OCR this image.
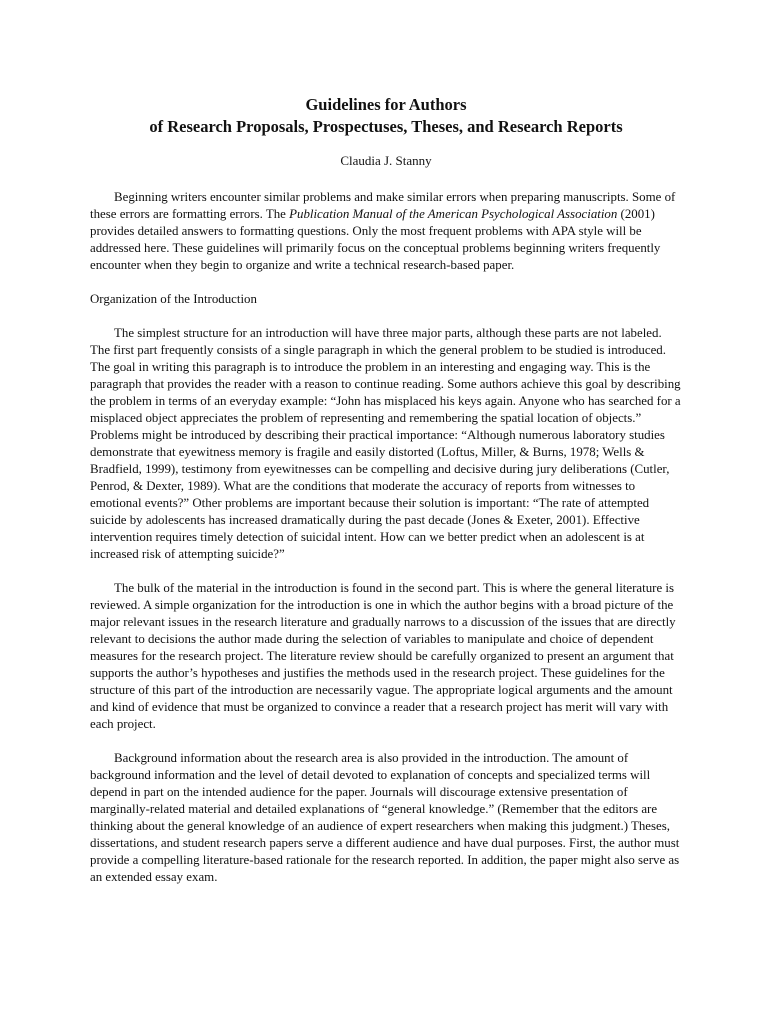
Guidelines for Authors
of Research Proposals, Prospectuses, Theses, and Research Reports

Claudia J. Stanny

Beginning writers encounter similar problems and make similar errors when preparing manuscripts. Some of these errors are formatting errors. The Publication Manual of the American Psychological Association (2001) provides detailed answers to formatting questions. Only the most frequent problems with APA style will be addressed here. These guidelines will primarily focus on the conceptual problems beginning writers frequently encounter when they begin to organize and write a technical research-based paper.

Organization of the Introduction

The simplest structure for an introduction will have three major parts, although these parts are not labeled. The first part frequently consists of a single paragraph in which the general problem to be studied is introduced. The goal in writing this paragraph is to introduce the problem in an interesting and engaging way. This is the paragraph that provides the reader with a reason to continue reading. Some authors achieve this goal by describing the problem in terms of an everyday example: “John has misplaced his keys again. Anyone who has searched for a misplaced object appreciates the problem of representing and remembering the spatial location of objects.” Problems might be introduced by describing their practical importance: “Although numerous laboratory studies demonstrate that eyewitness memory is fragile and easily distorted (Loftus, Miller, & Burns, 1978; Wells & Bradfield, 1999), testimony from eyewitnesses can be compelling and decisive during jury deliberations (Cutler, Penrod, & Dexter, 1989). What are the conditions that moderate the accuracy of reports from witnesses to emotional events?” Other problems are important because their solution is important: “The rate of attempted suicide by adolescents has increased dramatically during the past decade (Jones & Exeter, 2001). Effective intervention requires timely detection of suicidal intent. How can we better predict when an adolescent is at increased risk of attempting suicide?”

The bulk of the material in the introduction is found in the second part. This is where the general literature is reviewed. A simple organization for the introduction is one in which the author begins with a broad picture of the major relevant issues in the research literature and gradually narrows to a discussion of the issues that are directly relevant to decisions the author made during the selection of variables to manipulate and choice of dependent measures for the research project. The literature review should be carefully organized to present an argument that supports the author’s hypotheses and justifies the methods used in the research project. These guidelines for the structure of this part of the introduction are necessarily vague. The appropriate logical arguments and the amount and kind of evidence that must be organized to convince a reader that a research project has merit will vary with each project.

Background information about the research area is also provided in the introduction. The amount of background information and the level of detail devoted to explanation of concepts and specialized terms will depend in part on the intended audience for the paper. Journals will discourage extensive presentation of marginally-related material and detailed explanations of “general knowledge.” (Remember that the editors are thinking about the general knowledge of an audience of expert researchers when making this judgment.) Theses, dissertations, and student research papers serve a different audience and have dual purposes. First, the author must provide a compelling literature-based rationale for the research reported. In addition, the paper might also serve as an extended essay exam.
